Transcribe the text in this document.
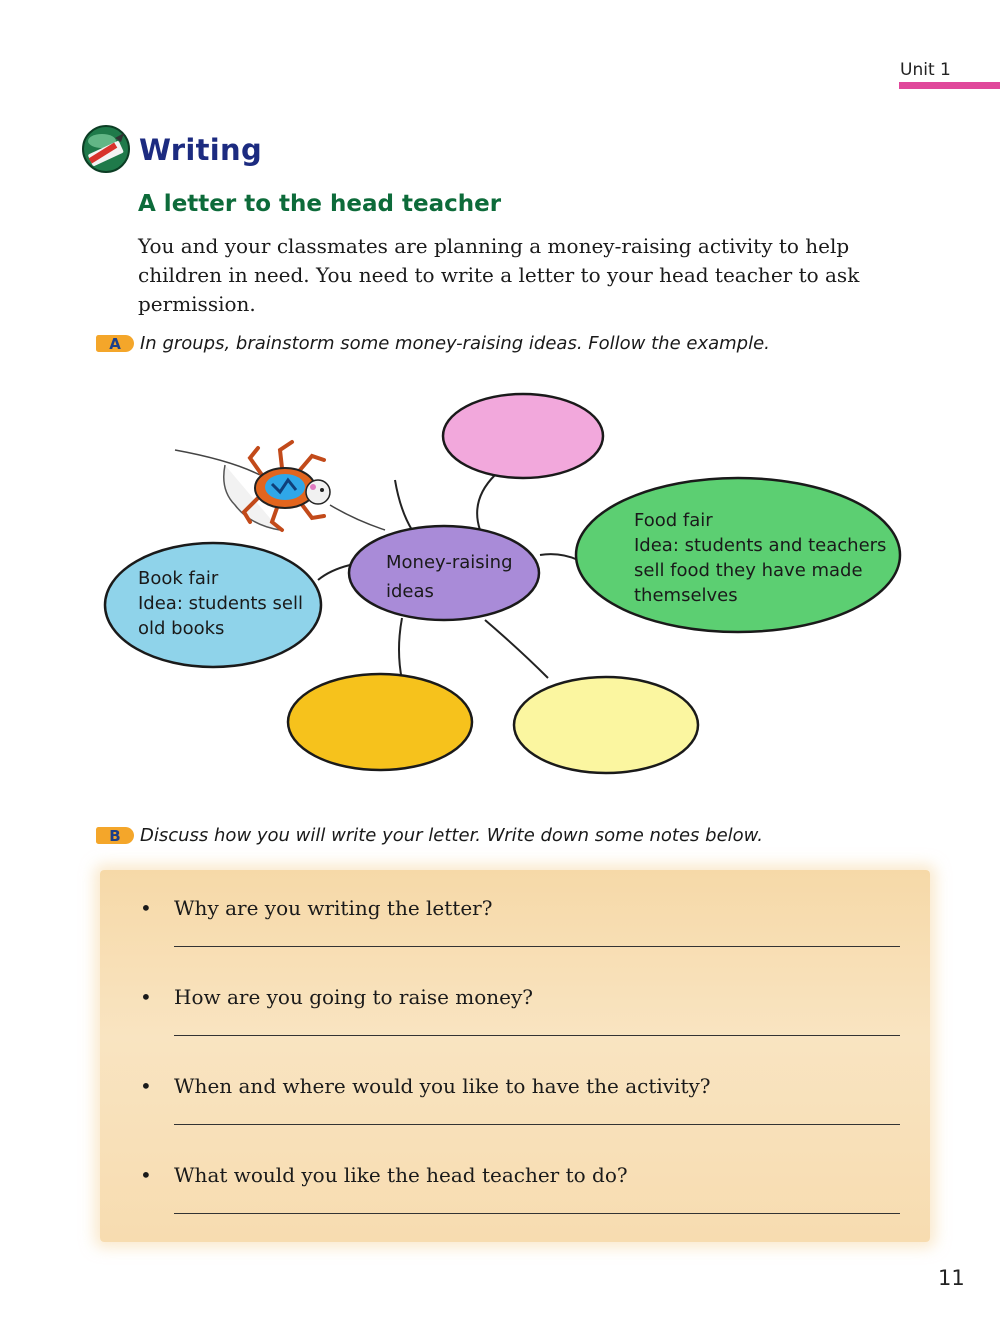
Unit 1
Writing
A letter to the head teacher
You and your classmates are planning a money-raising activity to help children in need. You need to write a letter to your head teacher to ask permission.
A	In groups, brainstorm some money-raising ideas. Follow the example.
Food fair
Idea: students and teachers
sell food they have made
themselves
Book fair
Idea: students sell
old books
Money-raising
ideas
B	Discuss how you will write your letter. Write down some notes below.
• Why are you writing the letter?
• How are you going to raise money?
• When and where would you like to have the activity?
• What would you like the head teacher to do?
11
